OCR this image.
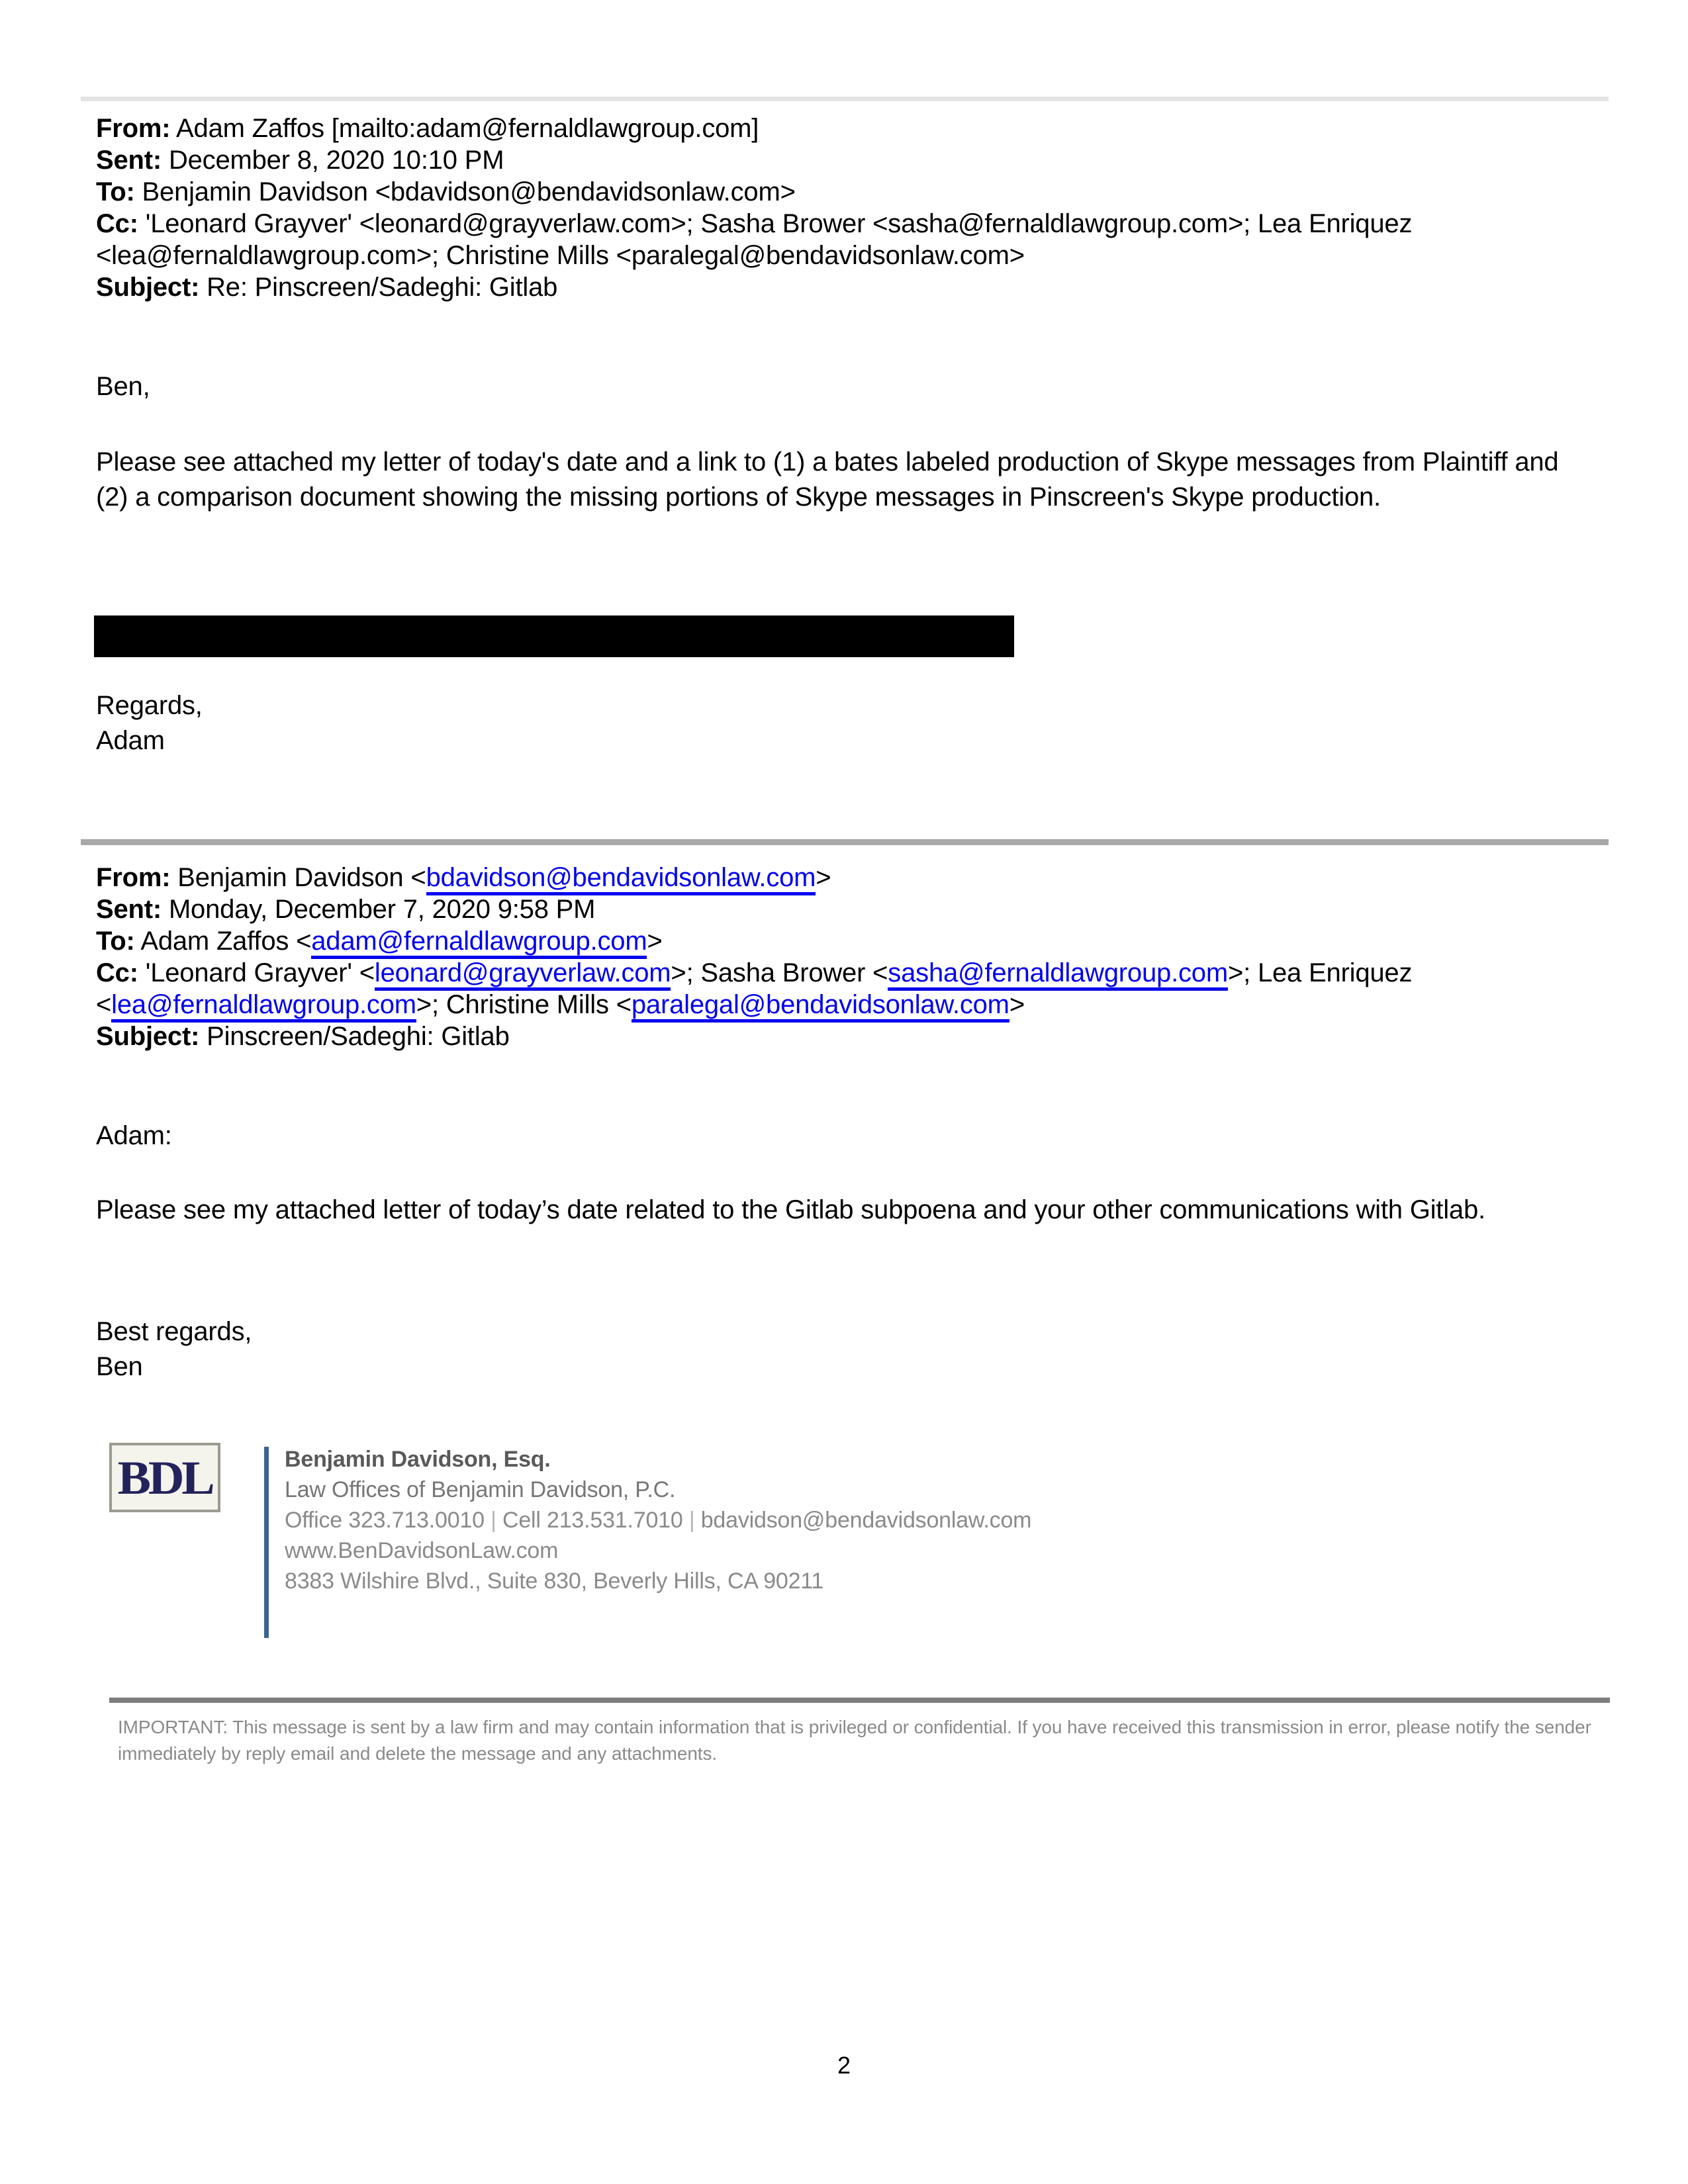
From: Adam Zaffos [mailto:adam@fernaldlawgroup.com]
Sent: December 8, 2020 10:10 PM
To: Benjamin Davidson <bdavidson@bendavidsonlaw.com>
Cc: 'Leonard Grayver' <leonard@grayverlaw.com>; Sasha Brower <sasha@fernaldlawgroup.com>; Lea Enriquez <lea@fernaldlawgroup.com>; Christine Mills <paralegal@bendavidsonlaw.com>
Subject: Re: Pinscreen/Sadeghi: Gitlab
Ben,
Please see attached my letter of today's date and a link to (1) a bates labeled production of Skype messages from Plaintiff and (2) a comparison document showing the missing portions of Skype messages in Pinscreen's Skype production.
Regards,
Adam
From: Benjamin Davidson <bdavidson@bendavidsonlaw.com>
Sent: Monday, December 7, 2020 9:58 PM
To: Adam Zaffos <adam@fernaldlawgroup.com>
Cc: 'Leonard Grayver' <leonard@grayverlaw.com>; Sasha Brower <sasha@fernaldlawgroup.com>; Lea Enriquez <lea@fernaldlawgroup.com>; Christine Mills <paralegal@bendavidsonlaw.com>
Subject: Pinscreen/Sadeghi: Gitlab
Adam:
Please see my attached letter of today’s date related to the Gitlab subpoena and your other communications with Gitlab.
Best regards,
Ben
BDL	Benjamin Davidson, Esq.
Law Offices of Benjamin Davidson, P.C.
Office 323.713.0010 | Cell 213.531.7010 | bdavidson@bendavidsonlaw.com
www.BenDavidsonLaw.com
8383 Wilshire Blvd., Suite 830, Beverly Hills, CA 90211
IMPORTANT: This message is sent by a law firm and may contain information that is privileged or confidential. If you have received this transmission in error, please notify the sender immediately by reply email and delete the message and any attachments.
2
